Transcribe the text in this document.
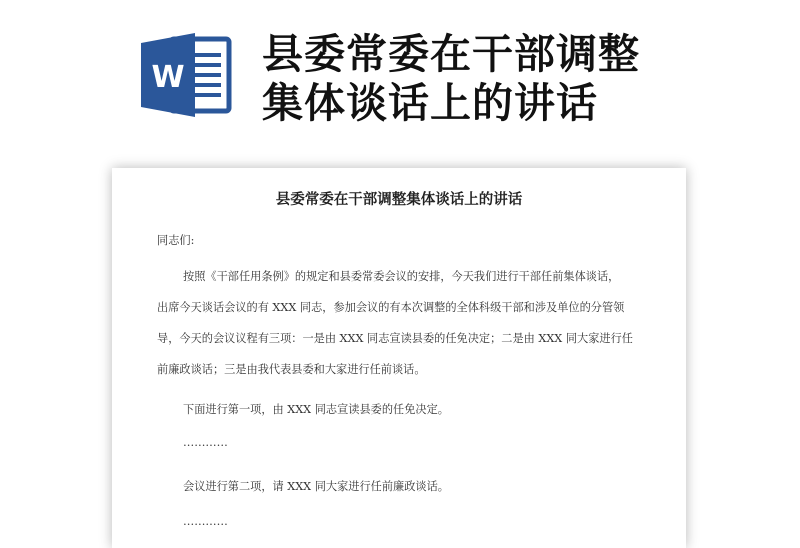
W 县委常委在干部调整
集体谈话上的讲话
县委常委在干部调整集体谈话上的讲话

同志们:

按照《干部任用条例》的规定和县委常委会议的安排，今天我们进行干部任前集体谈话，

出席今天谈话会议的有 XXX 同志，参加会议的有本次调整的全体科级干部和涉及单位的分管领

导，今天的会议议程有三项：一是由 XXX 同志宣读县委的任免决定；二是由 XXX 同大家进行任

前廉政谈话；三是由我代表县委和大家进行任前谈话。

下面进行第一项，由 XXX 同志宣读县委的任免决定。

…………

会议进行第二项，请 XXX 同大家进行任前廉政谈话。

…………
